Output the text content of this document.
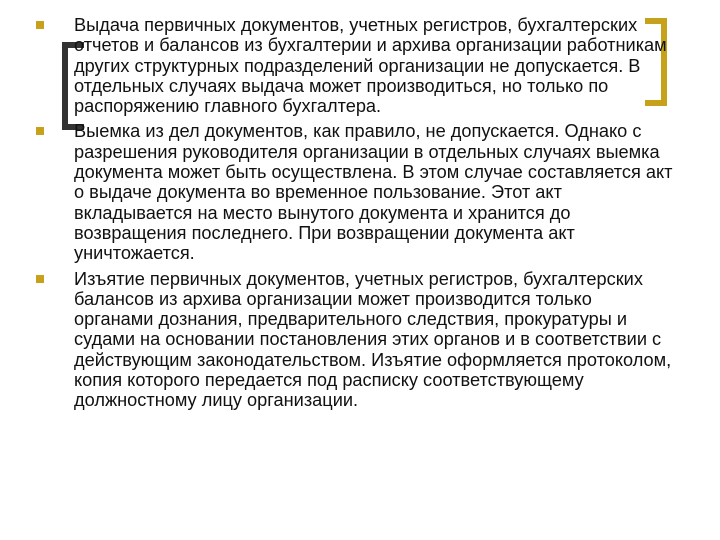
Выдача первичных документов, учетных регистров, бухгалтерских отчетов и балансов из бухгалтерии и архива организации работникам других структурных подразделений организации не допускается. В отдельных случаях выдача может производиться, но только по распоряжению главного бухгалтера.
Выемка из дел документов, как правило, не допускается. Однако с разрешения руководителя организации в отдельных случаях выемка документа может быть осуществлена. В этом случае составляется акт о выдаче документа во временное пользование. Этот акт вкладывается на место вынутого документа и хранится до возвращения последнего. При возвращении документа акт уничтожается.
Изъятие первичных документов, учетных регистров, бухгалтерских балансов из архива организации может производится только органами дознания, предварительного следствия, прокуратуры и судами на основании постановления этих органов и в соответствии с действующим законодательством. Изъятие оформляется протоколом, копия которого передается под расписку соответствующему должностному лицу организации.
